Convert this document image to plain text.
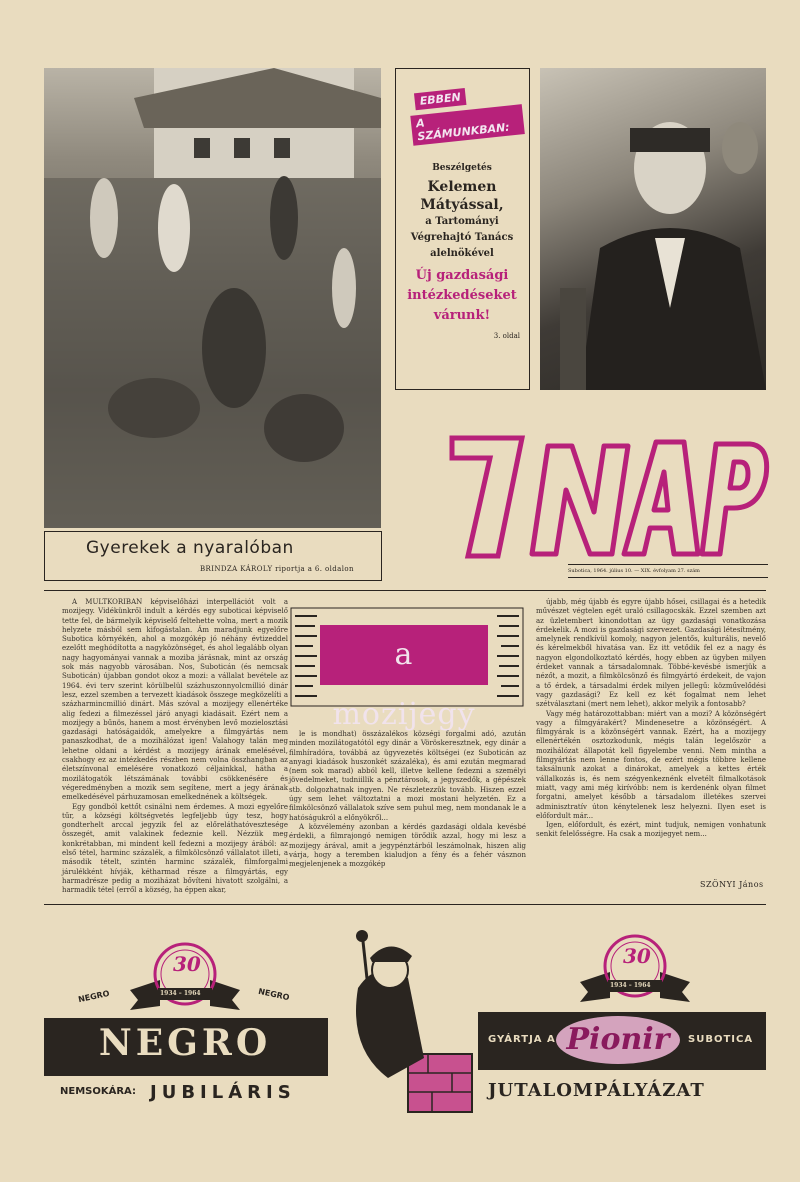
Gyerekek a nyaralóban
BRINDZA KÁROLY riportja a 6. oldalon
EBBEN
A SZÁMUNKBAN:
Beszélgetés
Kelemen
Mátyással,
a Tartományi
Végrehajtó Tanács
alelnökével
Új gazdasági
intézkedéseket
várunk!
3. oldal
7 NAP
Subotica, 1964. július 10. — XIX. évfolyam 27. szám

A MULTKORIBAN képviselőházi interpellációt volt a mozijegy. Vidékünkről indult a kérdés egy suboticai képviselő tette fel, de bármelyik képviselő feltehette volna, mert a mozik helyzete másból sem kifogástalan. Ám maradjunk egyelőre Subotica környékén, ahol a mozgókép jó néhány évtizeddel ezelőtt meghódította a nagyközönséget, és ahol legalább olyan nagy hagyományai vannak a moziba járásnak, mint az ország sok más nagyobb városában. Nos, Suboticán (és nemcsak Suboticán) újabban gondot okoz a mozi: a vállalat bevétele az 1964. évi terv szerint körülbelül százhuszonnyolcmillió dinár lesz, ezzel szemben a tervezett kiadások összege megközelíti a százharmincmillió dinárt. Más szóval a mozijegy ellenértéke alig fedezi a filmezéssel járó anyagi kiadásait. Ezért nem a mozijegy a bűnös, hanem a most érvényben levő mozielosztási gazdasági hatóságaidók, amelyekre a filmgyártás nem panaszkodhat, de a mozihálózat igen! Valahogy talán meg lehetne oldani a kérdést a mozijegy árának emelésével, csakhogy ez az intézkedés részben nem volna összhangban az életszínvonal emelésére vonatkozó céljainkkal, hátha a mozilátogatók létszámának további csökkenésére és végeredményben a mozik sem segítene, mert a jegy árának emelkedésével párhuzamosan emelkednének a költségek.

Egy gondból kettőt csinálni nem érdemes. A mozi egyelőre tűr, a községi költségvetés legfeljebb úgy tesz, hogy gondterhelt arccal jegyzik fel az előreláthatóvesztesége összegét, amit valakinek fedeznie kell. Nézzük meg konkrétabban, mi mindent kell fedezni a mozijegy árából: az első tétel, harminc százalék, a filmkölcsönző vállalatot illeti, a második tételt, szintén harminc százalék, filmforgalmi járulékként hívják, kétharmad része a filmgyártás, egy harmadrésze pedig a moziházat bővíteni hivatott szolgálni, a harmadik tétel (erről a község, ha éppen akar,

a mozijegy

le is mondhat) összázalékos községi forgalmi adó, azután minden mozilátogatótól egy dinár a Vöröskeresztnek, egy dinár a filmhíradóra, továbbá az ügyvezetés költségei (ez Suboticán az anyagi kiadások huszonkét százaléka), és ami ezután megmarad (nem sok marad) abból kell, illetve kellene fedezni a személyi jövedelmeket, tudniillik a pénztárosok, a jegyszedők, a gépészek stb. dolgozhatnak ingyen. Ne részletezzük tovább. Hiszen ezzel úgy sem lehet változtatni a mozi mostani helyzetén. Ez a filmkölcsönző vállalatok szíve sem puhul meg, nem mondanak le a hatóságukról a előnyökről...

A közvélemény azonban a kérdés gazdasági oldala kevésbé érdekli, a filmrajongó nemigen törődik azzal, hogy mi lesz a mozijegy árával, amit a jegypénztárból leszámolnak, hiszen alig várja, hogy a teremben kialudjon a fény és a fehér vásznon megjelenjenek a mozgókép

újabb, még újabb és egyre újabb hősei, csillagai és a hetedik művészet végtelen egét uraló csillagocskák. Ezzel szemben azt az üzletembert kinondottan az ügy gazdasági vonatkozása érdekelik. A mozi is gazdasági szervezet. Gazdasági létesítmény, amelynek rendkívül komoly, nagyon jelentős, kulturális, nevelő és kérelmekből hivatása van. Ez itt vetődik fel ez a nagy és nagyon elgondolkoztató kérdés, hogy ebben az ügyben milyen érdeket vannak a társadalomnak. Többé-kevésbé ismerjük a nézőt, a mozit, a filmkölcsönző és filmgyártó érdekeit, de vajon a tő érdek, a társadalmi érdek milyen jellegű: közművelődési vagy gazdasági? Ez kell ez két fogalmat nem lehet szétválasztani (mert nem lehet), akkor melyik a fontosabb?

Vagy még határozottabban: miért van a mozi? A közönségért vagy a filmgyárakért? Mindenesetre a közönségért. A filmgyárak is a közönségért vannak. Ezért, ha a mozijegy ellenértékén osztozkodunk, mégis talán legelőször a mozihálózat állapotát kell figyelembe venni. Nem mintha a filmgyártás nem lenne fontos, de ezért mégis többre kellene taksálnunk azokat a dinárokat, amelyek a kettes érték vállalkozás is, és nem szégyenkeznénk elvetélt filmalkotások miatt, vagy ami még kirívóbb: nem is kerdenénk olyan filmet forgatni, amelyet később a társadalom illetékes szervei adminisztratív úton kénytelenek lesz helyezni. Ilyen eset is előfordult már...

Igen, előfordult, és ezért, mint tudjuk, nemigen vonhatunk senkit felelősségre. Ha csak a mozijegyet nem...

SZÖNYI János
NEGRO
30
1934 – 1964	NEGRO
30
1934 – 1964
NEGRO
NEMSOKÁRA: JUBILÁRIS
GYÁRTJA A Pionir	SUBOTICA
JUTALOMPÁLYÁZAT
